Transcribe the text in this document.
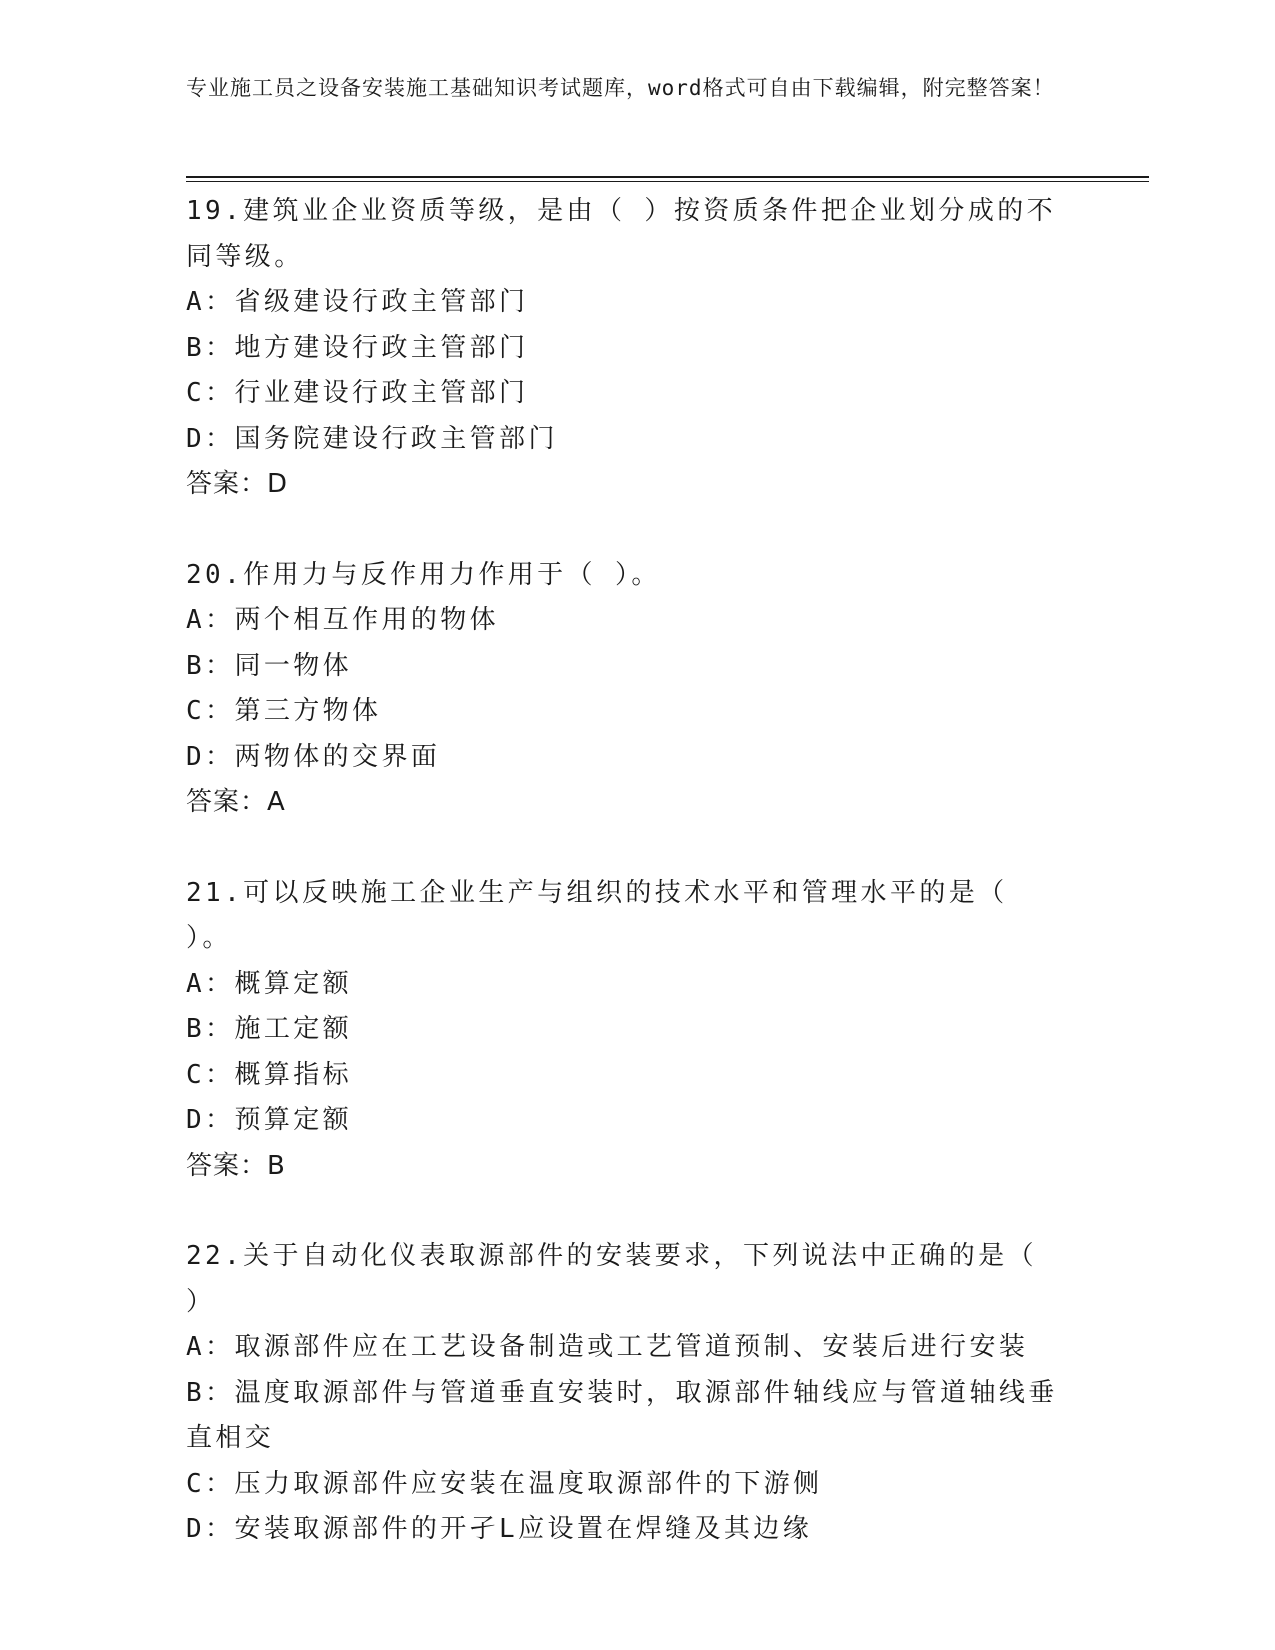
专业施工员之设备安装施工基础知识考试题库，word格式可自由下载编辑，附完整答案！
19.建筑业企业资质等级，是由（ ）按资质条件把企业划分成的不同等级。
A：省级建设行政主管部门
B：地方建设行政主管部门
C：行业建设行政主管部门
D：国务院建设行政主管部门
答案：D
20.作用力与反作用力作用于（ ）。
A：两个相互作用的物体
B：同一物体
C：第三方物体
D：两物体的交界面
答案：A
21.可以反映施工企业生产与组织的技术水平和管理水平的是（ ）。
A：概算定额
B：施工定额
C：概算指标
D：预算定额
答案：B
22.关于自动化仪表取源部件的安装要求，下列说法中正确的是（ ）
A：取源部件应在工艺设备制造或工艺管道预制、安装后进行安装
B：温度取源部件与管道垂直安装时，取源部件轴线应与管道轴线垂直相交
C：压力取源部件应安装在温度取源部件的下游侧
D：安装取源部件的开孑L应设置在焊缝及其边缘
